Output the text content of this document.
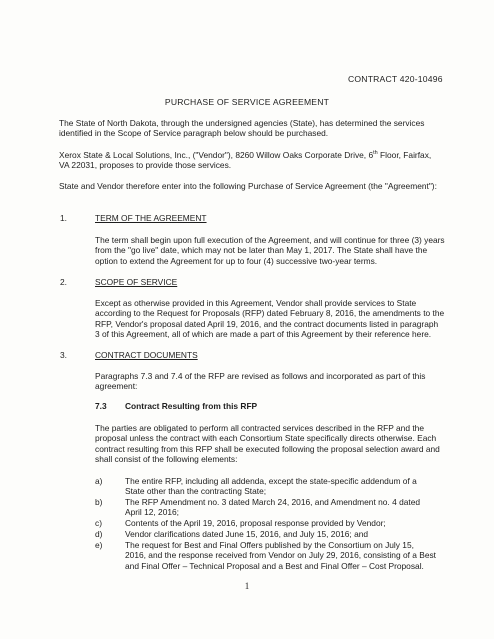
CONTRACT 420-10496
PURCHASE OF SERVICE AGREEMENT

The State of North Dakota, through the undersigned agencies (State), has determined the services identified in the Scope of Service paragraph below should be purchased.

Xerox State & Local Solutions, Inc., ("Vendor"), 8260 Willow Oaks Corporate Drive, 6th Floor, Fairfax, VA 22031, proposes to provide those services.

State and Vendor therefore enter into the following Purchase of Service Agreement (the "Agreement"):

1.	TERM OF THE AGREEMENT

The term shall begin upon full execution of the Agreement, and will continue for three (3) years from the "go live" date, which may not be later than May 1, 2017. The State shall have the option to extend the Agreement for up to four (4) successive two-year terms.

2.	SCOPE OF SERVICE

Except as otherwise provided in this Agreement, Vendor shall provide services to State according to the Request for Proposals (RFP) dated February 8, 2016, the amendments to the RFP, Vendor's proposal dated April 19, 2016, and the contract documents listed in paragraph 3 of this Agreement, all of which are made a part of this Agreement by their reference here.

3.	CONTRACT DOCUMENTS

Paragraphs 7.3 and 7.4 of the RFP are revised as follows and incorporated as part of this agreement:

7.3 Contract Resulting from this RFP

The parties are obligated to perform all contracted services described in the RFP and the proposal unless the contract with each Consortium State specifically directs otherwise. Each contract resulting from this RFP shall be executed following the proposal selection award and shall consist of the following elements:

a)	The entire RFP, including all addenda, except the state-specific addendum of a State other than the contracting State;

b)	The RFP Amendment no. 3 dated March 24, 2016, and Amendment no. 4 dated April 12, 2016;

c)	Contents of the April 19, 2016, proposal response provided by Vendor;

d)	Vendor clarifications dated June 15, 2016, and July 15, 2016; and

e)	The request for Best and Final Offers published by the Consortium on July 15, 2016, and the response received from Vendor on July 29, 2016, consisting of a Best and Final Offer – Technical Proposal and a Best and Final Offer – Cost Proposal.

1
